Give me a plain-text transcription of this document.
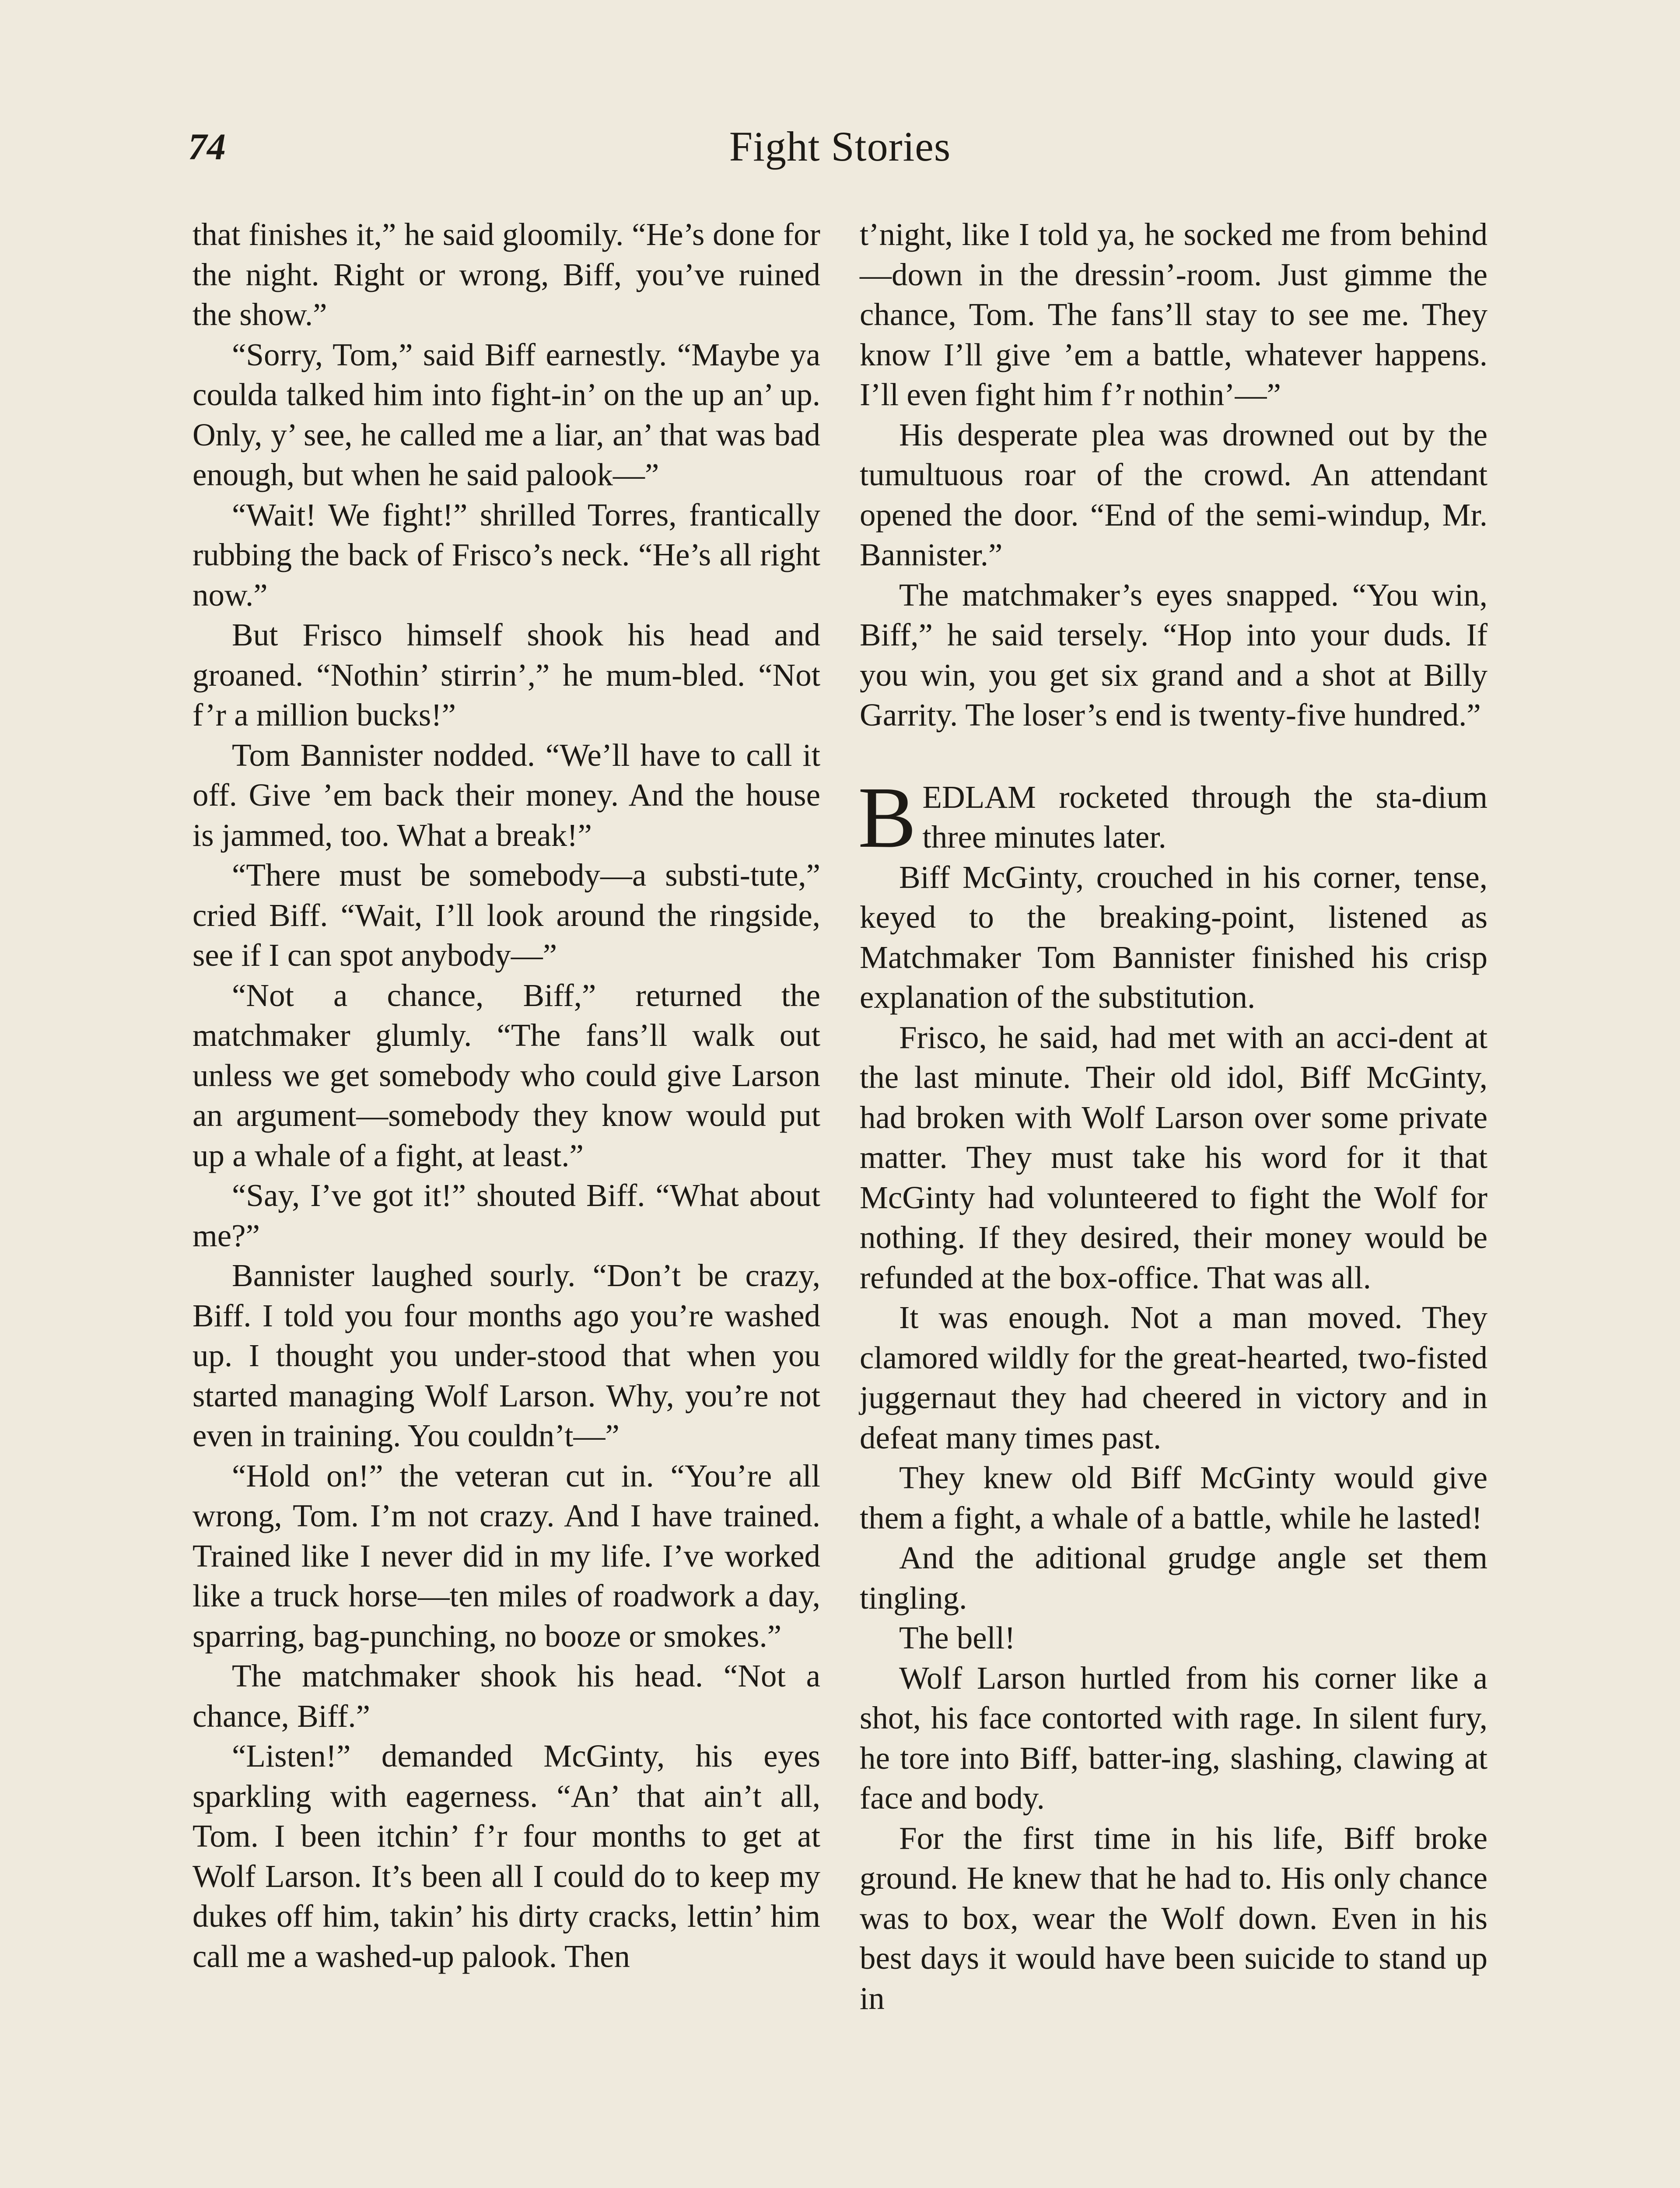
74	Fight Stories

that finishes it,” he said gloomily. “He’s done for the night. Right or wrong, Biff, you’ve ruined the show.”

“Sorry, Tom,” said Biff earnestly. “Maybe ya coulda talked him into fight-in’ on the up an’ up. Only, y’ see, he called me a liar, an’ that was bad enough, but when he said palook—”

“Wait! We fight!” shrilled Torres, frantically rubbing the back of Frisco’s neck. “He’s all right now.”

But Frisco himself shook his head and groaned. “Nothin’ stirrin’,” he mum-bled. “Not f’r a million bucks!”

Tom Bannister nodded. “We’ll have to call it off. Give ’em back their money. And the house is jammed, too. What a break!”

“There must be somebody—a substi-tute,” cried Biff. “Wait, I’ll look around the ringside, see if I can spot anybody—”

“Not a chance, Biff,” returned the matchmaker glumly. “The fans’ll walk out unless we get somebody who could give Larson an argument—somebody they know would put up a whale of a fight, at least.”

“Say, I’ve got it!” shouted Biff. “What about me?”

Bannister laughed sourly. “Don’t be crazy, Biff. I told you four months ago you’re washed up. I thought you under-stood that when you started managing Wolf Larson. Why, you’re not even in training. You couldn’t—”

“Hold on!” the veteran cut in. “You’re all wrong, Tom. I’m not crazy. And I have trained. Trained like I never did in my life. I’ve worked like a truck horse—ten miles of roadwork a day, sparring, bag-punching, no booze or smokes.”

The matchmaker shook his head. “Not a chance, Biff.”

“Listen!” demanded McGinty, his eyes sparkling with eagerness. “An’ that ain’t all, Tom. I been itchin’ f’r four months to get at Wolf Larson. It’s been all I could do to keep my dukes off him, takin’ his dirty cracks, lettin’ him call me a washed-up palook. Then

t’night, like I told ya, he socked me from behind—down in the dressin’-room. Just gimme the chance, Tom. The fans’ll stay to see me. They know I’ll give ’em a battle, whatever happens. I’ll even fight him f’r nothin’—”

His desperate plea was drowned out by the tumultuous roar of the crowd. An attendant opened the door. “End of the semi-windup, Mr. Bannister.”

The matchmaker’s eyes snapped. “You win, Biff,” he said tersely. “Hop into your duds. If you win, you get six grand and a shot at Billy Garrity. The loser’s end is twenty-five hundred.”

BEDLAM rocketed through the sta-dium three minutes later.

Biff McGinty, crouched in his corner, tense, keyed to the breaking-point, listened as Matchmaker Tom Bannister finished his crisp explanation of the substitution.

Frisco, he said, had met with an acci-dent at the last minute. Their old idol, Biff McGinty, had broken with Wolf Larson over some private matter. They must take his word for it that McGinty had volunteered to fight the Wolf for nothing. If they desired, their money would be refunded at the box-office. That was all.

It was enough. Not a man moved. They clamored wildly for the great-hearted, two-fisted juggernaut they had cheered in victory and in defeat many times past.

They knew old Biff McGinty would give them a fight, a whale of a battle, while he lasted!

And the aditional grudge angle set them tingling.

The bell!

Wolf Larson hurtled from his corner like a shot, his face contorted with rage. In silent fury, he tore into Biff, batter-ing, slashing, clawing at face and body.

For the first time in his life, Biff broke ground. He knew that he had to. His only chance was to box, wear the Wolf down. Even in his best days it would have been suicide to stand up in
